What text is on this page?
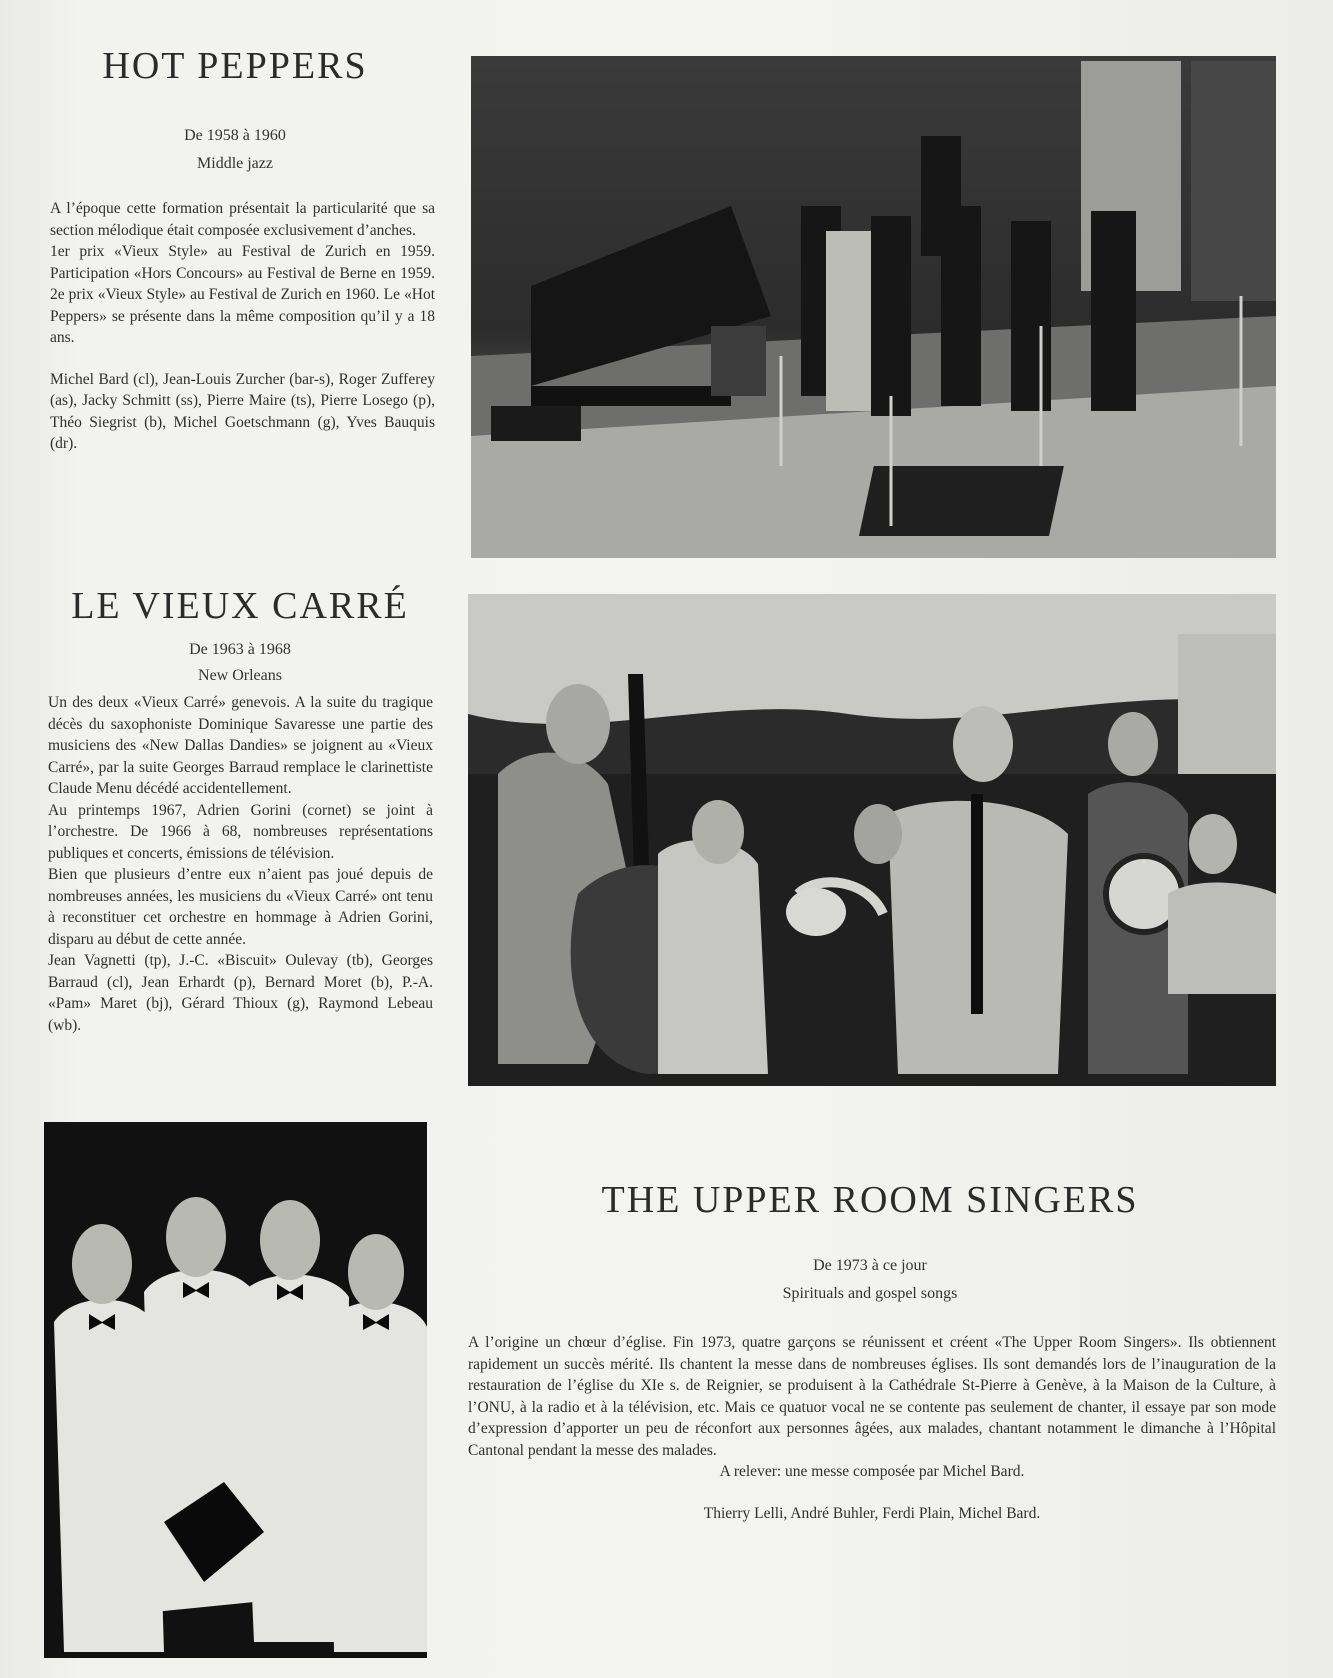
HOT PEPPERS
De 1958 à 1960
Middle jazz

A l’époque cette formation présentait la particularité que sa section mélodique était composée exclusivement d’anches.

1er prix «Vieux Style» au Festival de Zurich en 1959. Participation «Hors Concours» au Festival de Berne en 1959. 2e prix «Vieux Style» au Festival de Zurich en 1960. Le «Hot Peppers» se présente dans la même composition qu’il y a 18 ans.

Michel Bard (cl), Jean-Louis Zurcher (bar-s), Roger Zufferey (as), Jacky Schmitt (ss), Pierre Maire (ts), Pierre Losego (p), Théo Siegrist (b), Michel Goetschmann (g), Yves Bauquis (dr).

LE VIEUX CARRÉ
De 1963 à 1968
New Orleans

Un des deux «Vieux Carré» genevois. A la suite du tragique décès du saxophoniste Dominique Savaresse une partie des musiciens des «New Dallas Dandies» se joignent au «Vieux Carré», par la suite Georges Barraud remplace le clarinettiste Claude Menu décédé accidentellement.

Au printemps 1967, Adrien Gorini (cornet) se joint à l’orchestre. De 1966 à 68, nombreuses représentations publiques et concerts, émissions de télévision.

Bien que plusieurs d’entre eux n’aient pas joué depuis de nombreuses années, les musiciens du «Vieux Carré» ont tenu à reconstituer cet orchestre en hommage à Adrien Gorini, disparu au début de cette année.

Jean Vagnetti (tp), J.-C. «Biscuit» Oulevay (tb), Georges Barraud (cl), Jean Erhardt (p), Bernard Moret (b), P.-A. «Pam» Maret (bj), Gérard Thioux (g), Raymond Lebeau (wb).

THE UPPER ROOM SINGERS
De 1973 à ce jour
Spirituals and gospel songs

A l’origine un chœur d’église. Fin 1973, quatre garçons se réunissent et créent «The Upper Room Singers». Ils obtiennent rapidement un succès mérité. Ils chantent la messe dans de nombreuses églises. Ils sont demandés lors de l’inauguration de la restauration de l’église du XIe s. de Reignier, se produisent à la Cathédrale St-Pierre à Genève, à la Maison de la Culture, à l’ONU, à la radio et à la télévision, etc. Mais ce quatuor vocal ne se contente pas seulement de chanter, il essaye par son mode d’expression d’apporter un peu de réconfort aux personnes âgées, aux malades, chantant notamment le dimanche à l’Hôpital Cantonal pendant la messe des malades.

A relever: une messe composée par Michel Bard.

Thierry Lelli, André Buhler, Ferdi Plain, Michel Bard.
